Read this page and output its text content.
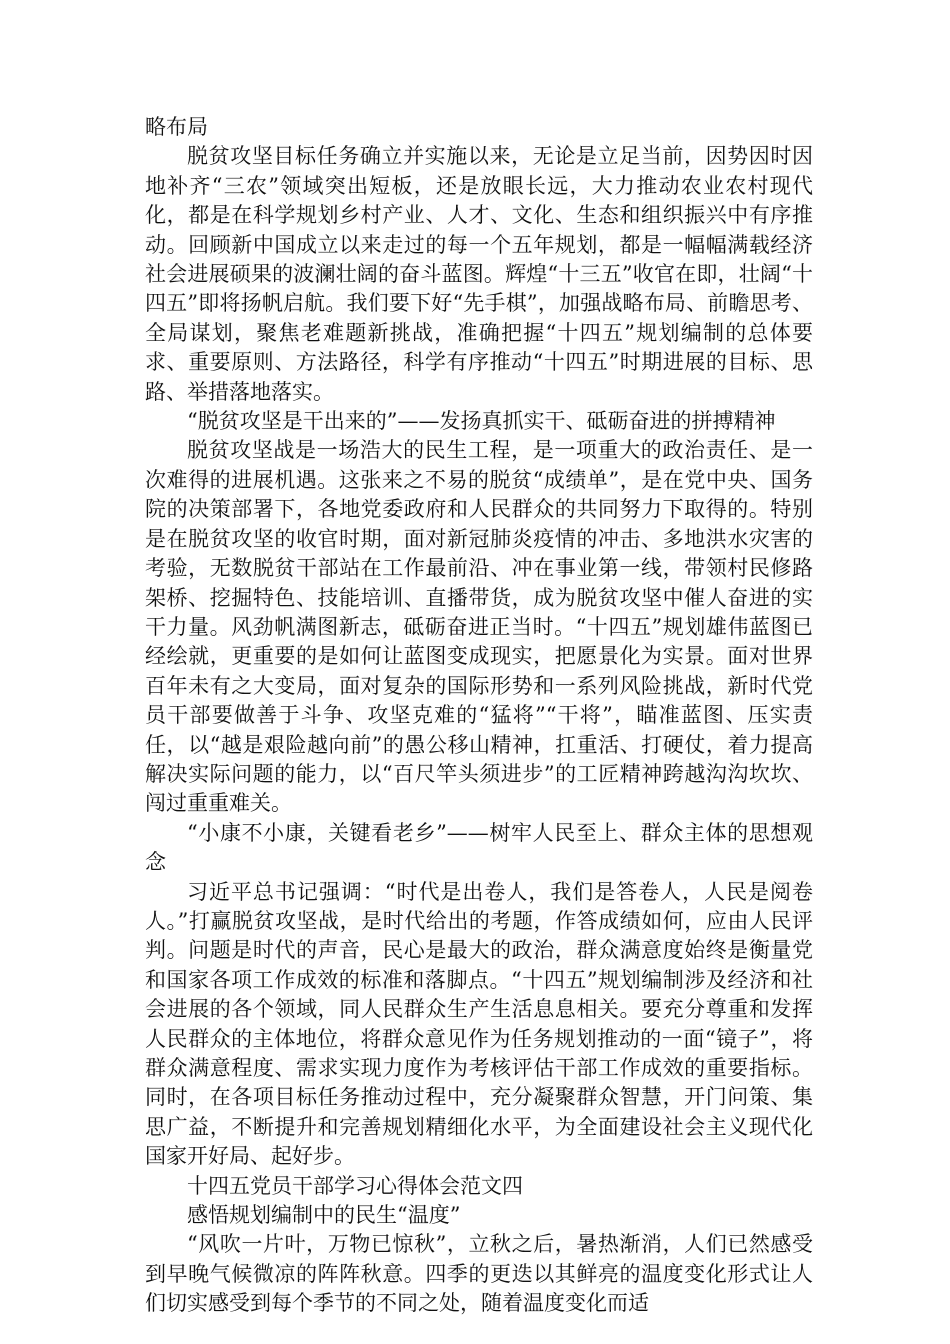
略布局

脱贫攻坚目标任务确立并实施以来，无论是立足当前，因势因时因地补齐“三农”领域突出短板，还是放眼长远，大力推动农业农村现代化，都是在科学规划乡村产业、人才、文化、生态和组织振兴中有序推动。回顾新中国成立以来走过的每一个五年规划，都是一幅幅满载经济社会进展硕果的波澜壮阔的奋斗蓝图。辉煌“十三五”收官在即，壮阔“十四五”即将扬帆启航。我们要下好“先手棋”，加强战略布局、前瞻思考、全局谋划，聚焦老难题新挑战，准确把握“十四五”规划编制的总体要求、重要原则、方法路径，科学有序推动“十四五”时期进展的目标、思路、举措落地落实。

“脱贫攻坚是干出来的”——发扬真抓实干、砥砺奋进的拼搏精神

脱贫攻坚战是一场浩大的民生工程，是一项重大的政治责任、是一次难得的进展机遇。这张来之不易的脱贫“成绩单”，是在党中央、国务院的决策部署下，各地党委政府和人民群众的共同努力下取得的。特别是在脱贫攻坚的收官时期，面对新冠肺炎疫情的冲击、多地洪水灾害的考验，无数脱贫干部站在工作最前沿、冲在事业第一线，带领村民修路架桥、挖掘特色、技能培训、直播带货，成为脱贫攻坚中催人奋进的实干力量。风劲帆满图新志，砥砺奋进正当时。“十四五”规划雄伟蓝图已经绘就，更重要的是如何让蓝图变成现实，把愿景化为实景。面对世界百年未有之大变局，面对复杂的国际形势和一系列风险挑战，新时代党员干部要做善于斗争、攻坚克难的“猛将”“干将”，瞄准蓝图、压实责任，以“越是艰险越向前”的愚公移山精神，扛重活、打硬仗，着力提高解决实际问题的能力，以“百尺竿头须进步”的工匠精神跨越沟沟坎坎、闯过重重难关。

“小康不小康，关键看老乡”——树牢人民至上、群众主体的思想观念

习近平总书记强调：“时代是出卷人，我们是答卷人，人民是阅卷人。”打赢脱贫攻坚战，是时代给出的考题，作答成绩如何，应由人民评判。问题是时代的声音，民心是最大的政治，群众满意度始终是衡量党和国家各项工作成效的标准和落脚点。“十四五”规划编制涉及经济和社会进展的各个领域，同人民群众生产生活息息相关。要充分尊重和发挥人民群众的主体地位，将群众意见作为任务规划推动的一面“镜子”，将群众满意程度、需求实现力度作为考核评估干部工作成效的重要指标。同时，在各项目标任务推动过程中，充分凝聚群众智慧，开门问策、集思广益，不断提升和完善规划精细化水平，为全面建设社会主义现代化国家开好局、起好步。

十四五党员干部学习心得体会范文四

感悟规划编制中的民生“温度”

“风吹一片叶，万物已惊秋”，立秋之后，暑热渐消，人们已然感受到早晚气候微凉的阵阵秋意。四季的更迭以其鲜亮的温度变化形式让人们切实感受到每个季节的不同之处，随着温度变化而适
